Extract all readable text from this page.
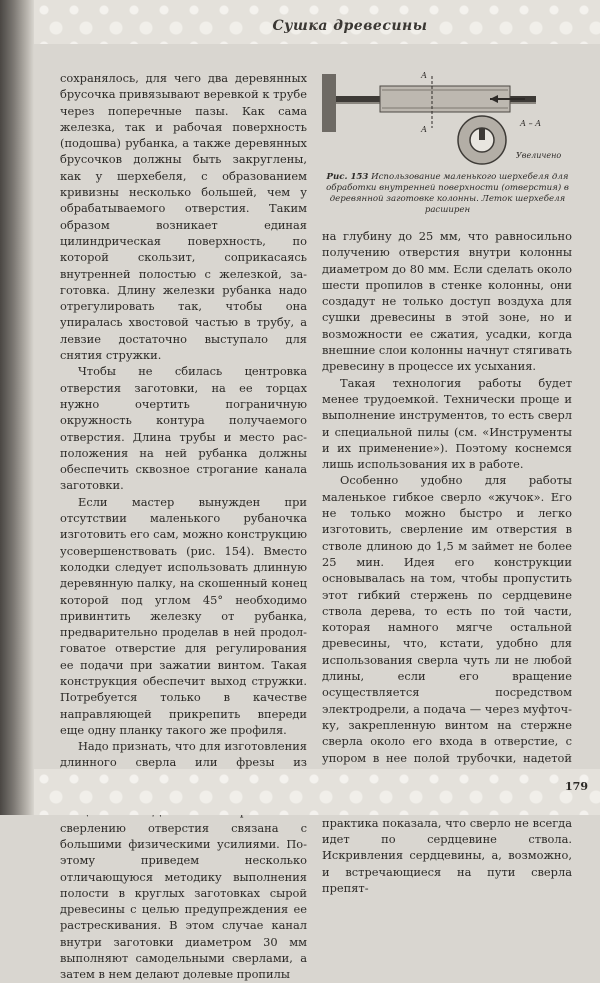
Сушка древесины

сохранялось, для чего два деревянных брусочка привязывают веревкой к трубе через поперечные пазы. Как сама железка, так и рабочая поверхность (подошва) рубанка, а также деревянных брусочков должны быть закруглены, как у шерхебеля, с образованием кривизны несколько большей, чем у обрабатываемого отверстия. Таким образом возникает единая цилиндрическая поверхность, по которой скользит, соприкасаясь внутренней полостью с железкой, заготовка. Длину железки рубанка надо отрегулировать так, чтобы она упиралась хвостовой частью в трубу, а левзие достаточно выступало для снятия стружки.

Чтобы не сбилась центровка отверстия заготовки, на ее торцах нужно очертить пограничную окружность контура получаемого отверстия. Длина трубы и место расположения на ней рубанка должны обеспечить сквозное строгание канала заготовки.

Если мастер вынужден при отсутствии маленького рубаночка изготовить его сам, можно конструкцию усовершенствовать (рис. 154). Вместо колодки следует использовать длинную деревянную палку, на скошенный конец которой под углом 45° необходимо привинтить железку от рубанка, предварительно проделав в ней продолговатое отверстие для регулирования ее подачи при зажатии винтом. Такая конструкция обеспечит выход стружки. Потребуется только в качестве направляющей прикрепить впереди еще одну планку такого же профиля.

Надо признать, что для изготовления длинного сверла или фрезы из сверлению отверстия связана с большими физическими усилиями. Поэтому приведем несколько отличающуюся методику выполнения полости в круглых заготовках сырой древесины с целью предупреждения ее растрескивания. В этом случае канал внутри заготовки диаметром 30 мм выполняют самодельными сверлами, а затем в нем делают долевые пропилы

А
А
А – А
Увеличено
Рис. 153 Использование маленького шерхебеля для обработки внутренней поверхности (отверстия) в деревянной заготовке колонны. Леток шерхебеля расширен

на глубину до 25 мм, что равносильно получению отверстия внутри колонны диаметром до 80 мм. Если сделать около шести пропилов в стенке колонны, они создадут не только доступ воздуха для сушки древесины в этой зоне, но и возможности ее сжатия, усадки, когда внешние слои колонны начнут стягивать древесину в процессе их усыхания.

Такая технология работы будет менее трудоемкой. Технически проще и выполнение инструментов, то есть сверл и специальной пилы (см. «Инструменты и их применение»). Поэтому коснемся лишь использования их в работе.

Особенно удобно для работы маленькое гибкое сверло «жучок». Его не только можно быстро и легко изготовить, сверление им отверстия в стволе длиною до 1,5 м займет не более 25 мин. Идея его конструкции основывалась на том, чтобы пропустить этот гибкий стержень по сердцевине ствола дерева, то есть по той части, которая намного мягче остальной древесины, что, кстати, удобно для использования сверла чуть ли не любой длины, если его вращение осуществляется посредством электродрели, а подача — через муфточку, закрепленную винтом на стержне сверла около его входа в отверстие, с упором в нее полой трубочки, надетой практика показала, что сверло не всегда идет по сердцевине ствола. Искривления сердцевины, а, возможно, и встречающиеся на пути сверла препят-

179
